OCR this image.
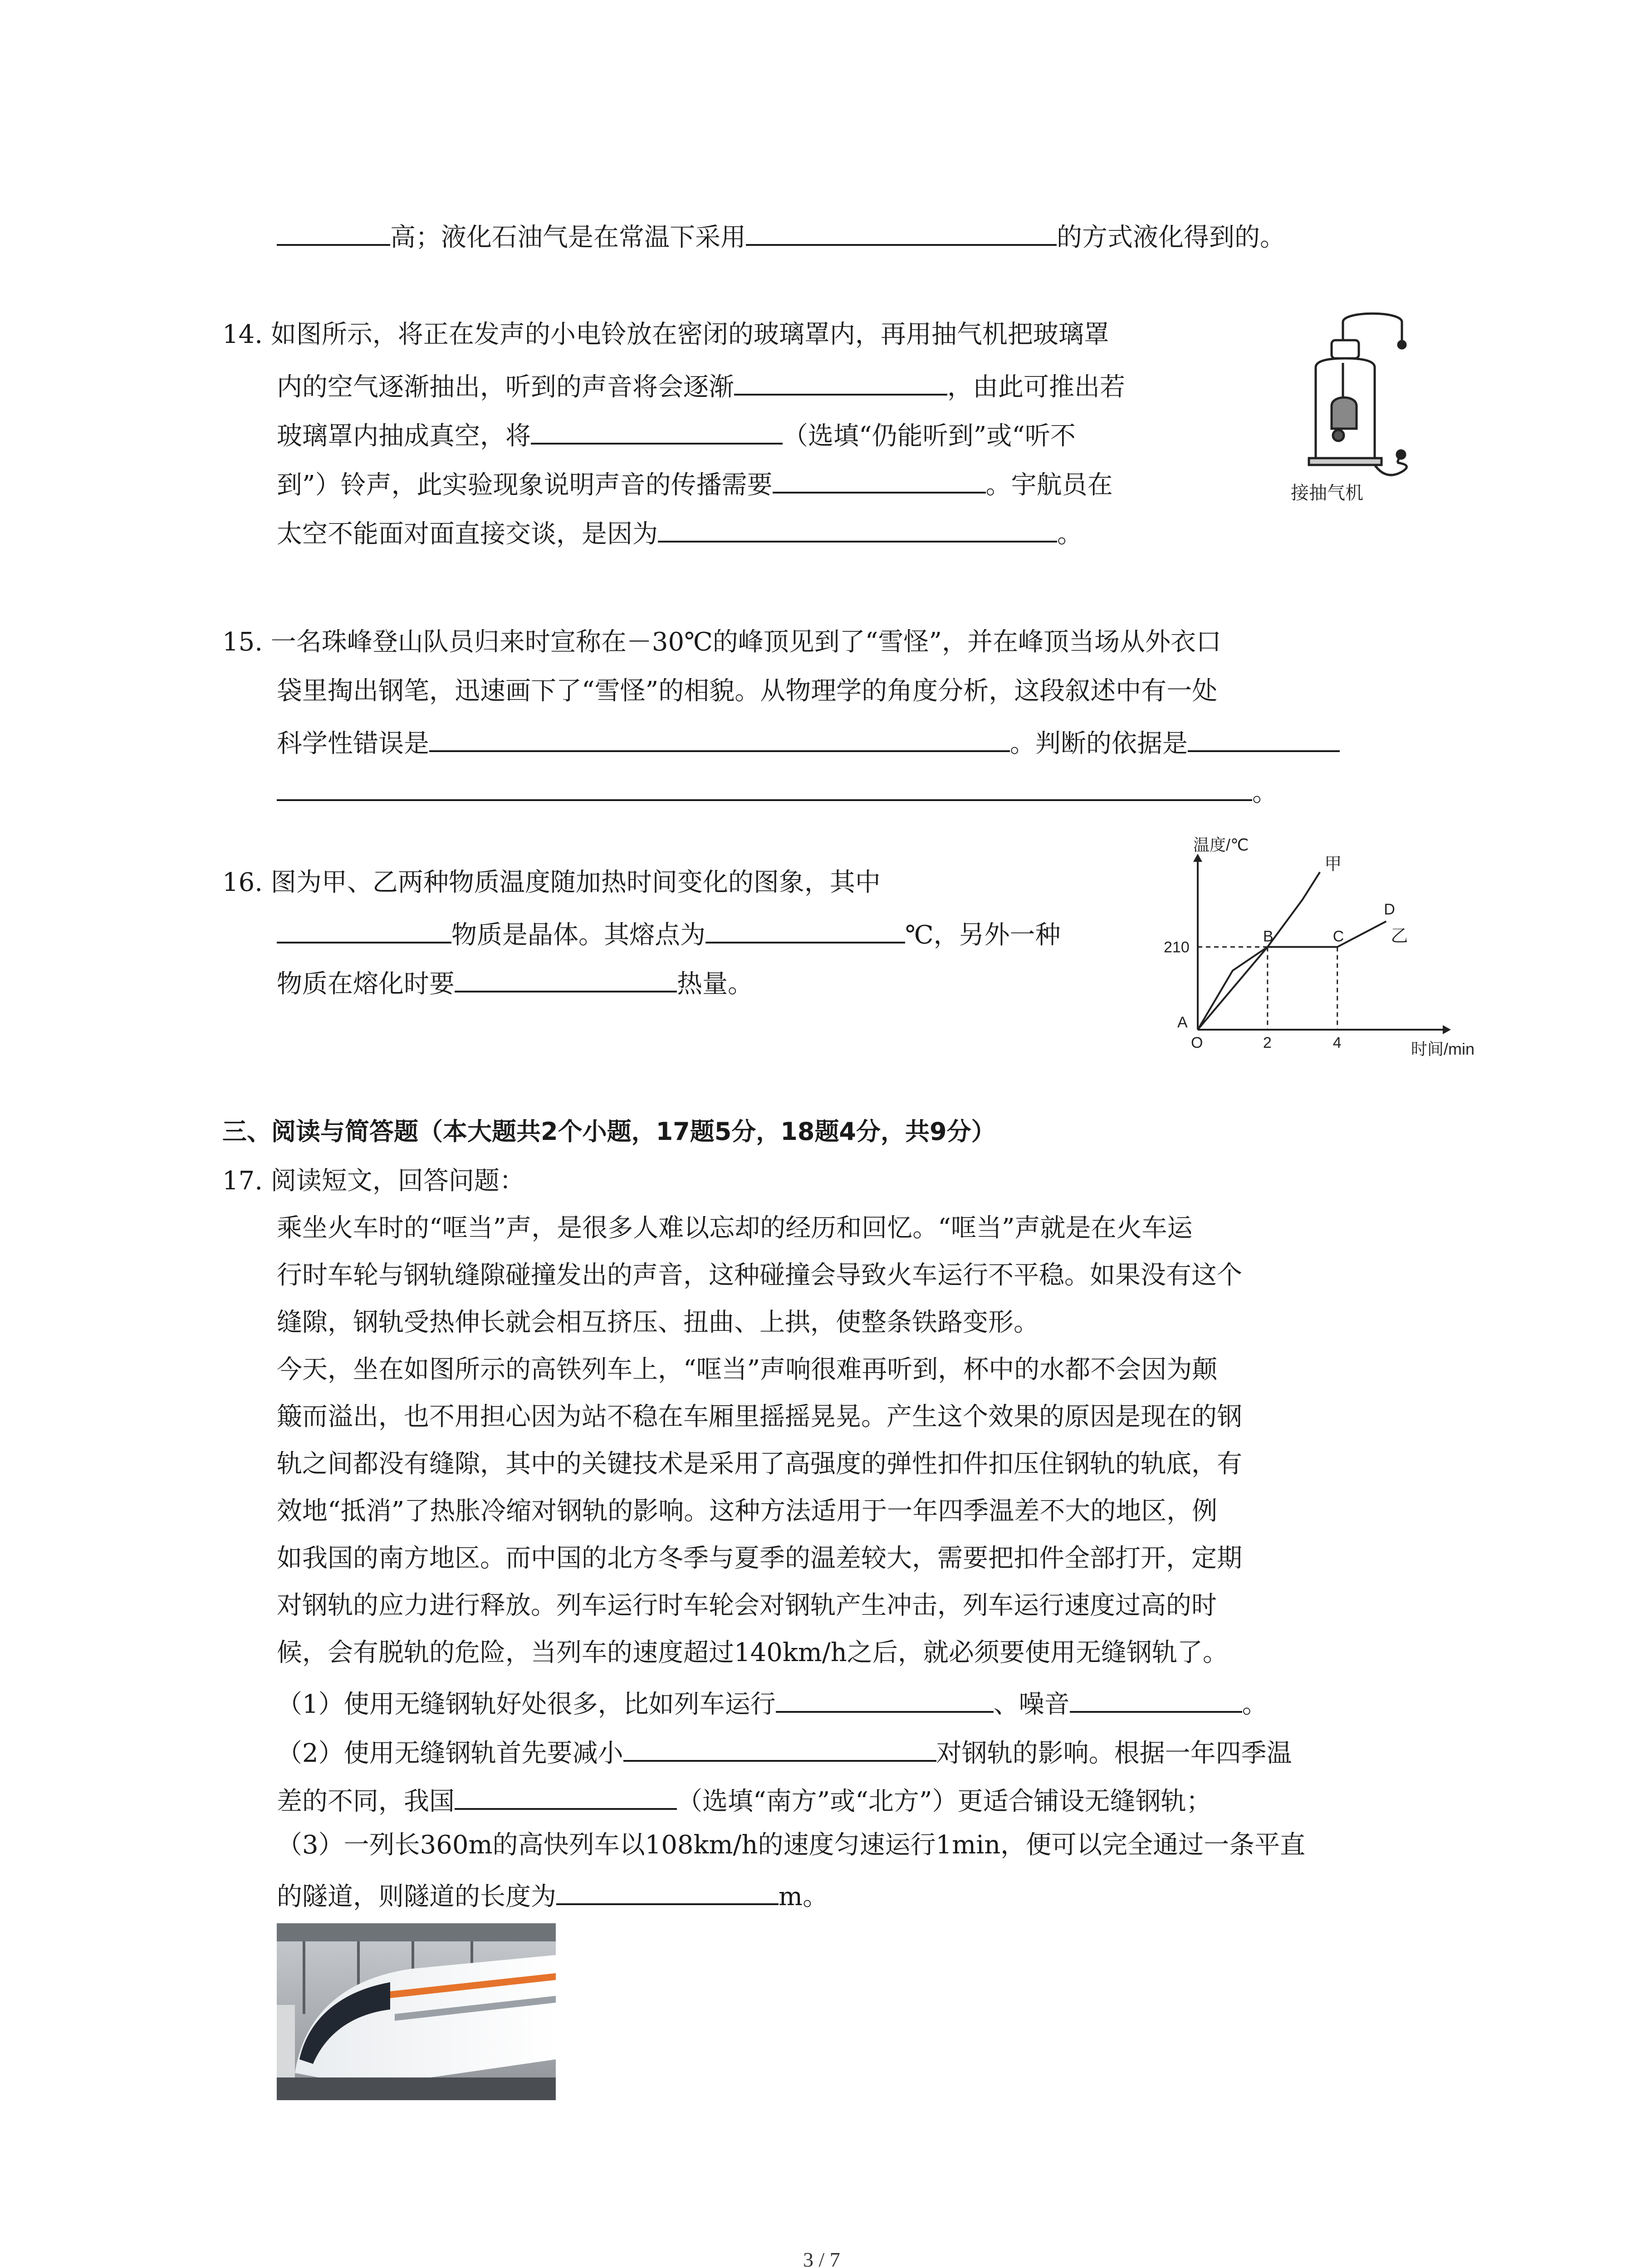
高；液化石油气是在常温下采用	的方式液化得到的。
14. 如图所示，将正在发声的小电铃放在密闭的玻璃罩内，再用抽气机把玻璃罩
内的空气逐渐抽出，听到的声音将会逐渐	，由此可推出若
玻璃罩内抽成真空，将	（选填“仍能听到”或“听不
到”）铃声，此实验现象说明声音的传播需要	。宇航员在
太空不能面对面直接交谈，是因为	。
接抽气机
15. 一名珠峰登山队员归来时宣称在－30℃的峰顶见到了“雪怪”，并在峰顶当场从外衣口
袋里掏出钢笔，迅速画下了“雪怪”的相貌。从物理学的角度分析，这段叙述中有一处
科学性错误是	。判断的依据是
。
16. 图为甲、乙两种物质温度随加热时间变化的图象，其中
物质是晶体。其熔点为	℃，另外一种
物质在熔化时要	热量。
温度/℃
时间/min
O
210
2	4
甲
乙
A
B	C
D
三、阅读与简答题（本大题共2个小题，17题5分，18题4分，共9分）
17. 阅读短文，回答问题：
乘坐火车时的“哐当”声，是很多人难以忘却的经历和回忆。“哐当”声就是在火车运
行时车轮与钢轨缝隙碰撞发出的声音，这种碰撞会导致火车运行不平稳。如果没有这个
缝隙，钢轨受热伸长就会相互挤压、扭曲、上拱，使整条铁路变形。
今天，坐在如图所示的高铁列车上，“哐当”声响很难再听到，杯中的水都不会因为颠
簸而溢出，也不用担心因为站不稳在车厢里摇摇晃晃。产生这个效果的原因是现在的钢
轨之间都没有缝隙，其中的关键技术是采用了高强度的弹性扣件扣压住钢轨的轨底，有
效地“抵消”了热胀冷缩对钢轨的影响。这种方法适用于一年四季温差不大的地区，例
如我国的南方地区。而中国的北方冬季与夏季的温差较大，需要把扣件全部打开，定期
对钢轨的应力进行释放。列车运行时车轮会对钢轨产生冲击，列车运行速度过高的时
候，会有脱轨的危险，当列车的速度超过140km/h之后，就必须要使用无缝钢轨了。
（1）使用无缝钢轨好处很多，比如列车运行	、噪音	。
（2）使用无缝钢轨首先要减小	对钢轨的影响。根据一年四季温
差的不同，我国	（选填“南方”或“北方”）更适合铺设无缝钢轨；
（3）一列长360m的高快列车以108km/h的速度匀速运行1min，便可以完全通过一条平直
的隧道，则隧道的长度为	m。
3 / 7
